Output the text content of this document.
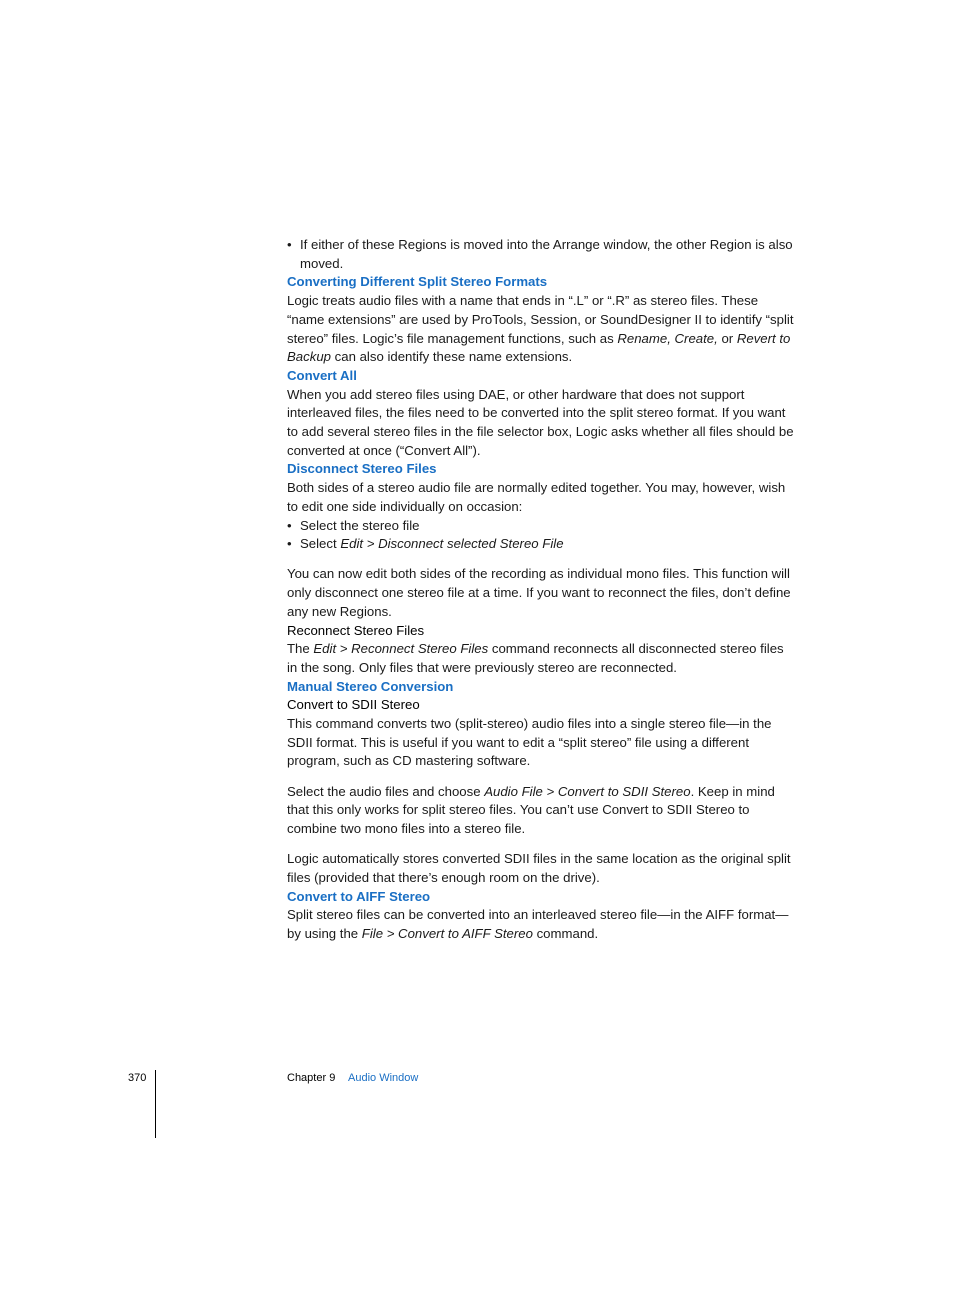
• If either of these Regions is moved into the Arrange window, the other Region is also moved.

Converting Different Split Stereo Formats

Logic treats audio files with a name that ends in “.L” or “.R” as stereo files. These “name extensions” are used by ProTools, Session, or SoundDesigner II to identify “split stereo” files. Logic’s file management functions, such as Rename, Create, or Revert to Backup can also identify these name extensions.

Convert All

When you add stereo files using DAE, or other hardware that does not support interleaved files, the files need to be converted into the split stereo format. If you want to add several stereo files in the file selector box, Logic asks whether all files should be converted at once (“Convert All”).

Disconnect Stereo Files

Both sides of a stereo audio file are normally edited together. You may, however, wish to edit one side individually on occasion:

• Select the stereo file

• Select Edit > Disconnect selected Stereo File

You can now edit both sides of the recording as individual mono files. This function will only disconnect one stereo file at a time. If you want to reconnect the files, don’t define any new Regions.

Reconnect Stereo Files

The Edit > Reconnect Stereo Files command reconnects all disconnected stereo files in the song. Only files that were previously stereo are reconnected.

Manual Stereo Conversion

Convert to SDII Stereo

This command converts two (split-stereo) audio files into a single stereo file—in the SDII format. This is useful if you want to edit a “split stereo” file using a different program, such as CD mastering software.

Select the audio files and choose Audio File > Convert to SDII Stereo. Keep in mind that this only works for split stereo files. You can’t use Convert to SDII Stereo to combine two mono files into a stereo file.

Logic automatically stores converted SDII files in the same location as the original split files (provided that there’s enough room on the drive).

Convert to AIFF Stereo

Split stereo files can be converted into an interleaved stereo file—in the AIFF format—by using the File > Convert to AIFF Stereo command.

370	Chapter 9 Audio Window
